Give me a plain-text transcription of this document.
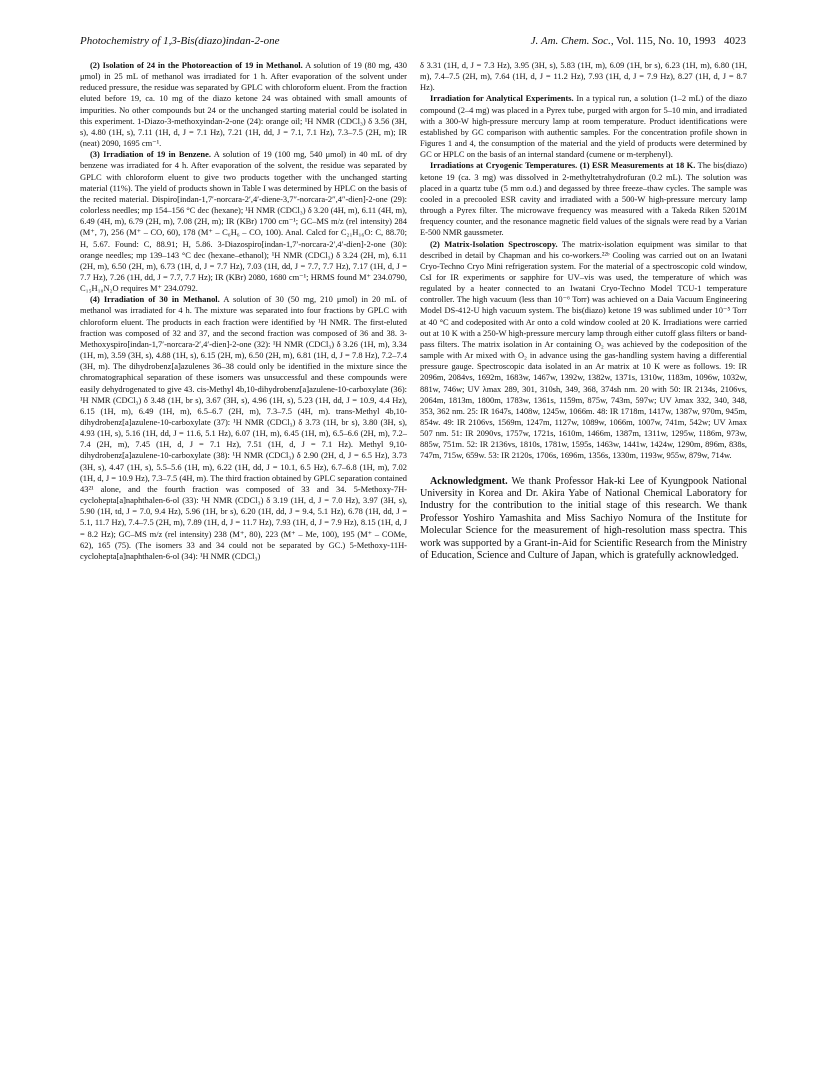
Photochemistry of 1,3-Bis(diazo)indan-2-one	J. Am. Chem. Soc., Vol. 115, No. 10, 1993 4023

(2) Isolation of 24 in the Photoreaction of 19 in Methanol. A solution of 19 (80 mg, 430 μmol) in 25 mL of methanol was irradiated for 1 h. After evaporation of the solvent under reduced pressure, the residue was separated by GPLC with chloroform eluent. From the fraction eluted before 19, ca. 10 mg of the diazo ketone 24 was obtained with small amounts of impurities. No other compounds but 24 or the unchanged starting material could be isolated in this experiment. 1-Diazo-3-methoxyindan-2-one (24): orange oil; ¹H NMR (CDCl₃) δ 3.56 (3H, s), 4.80 (1H, s), 7.11 (1H, d, J = 7.1 Hz), 7.21 (1H, dd, J = 7.1, 7.1 Hz), 7.3–7.5 (2H, m); IR (neat) 2090, 1695 cm⁻¹.

(3) Irradiation of 19 in Benzene. A solution of 19 (100 mg, 540 μmol) in 40 mL of dry benzene was irradiated for 4 h. After evaporation of the solvent, the residue was separated by GPLC with chloroform eluent to give two products together with the unchanged starting material (11%). The yield of products shown in Table I was determined by HPLC on the basis of the recited material. Dispiro[indan-1,7′-norcara-2′,4′-diene-3,7″-norcara-2″,4″-dien]-2-one (29): colorless needles; mp 154–156 °C dec (hexane); ¹H NMR (CDCl₃) δ 3.20 (4H, m), 6.11 (4H, m), 6.49 (4H, m), 6.79 (2H, m), 7.08 (2H, m); IR (KBr) 1700 cm⁻¹; GC–MS m/z (rel intensity) 284 (M⁺, 7), 256 (M⁺ – CO, 60), 178 (M⁺ – C₆H₆ – CO, 100). Anal. Calcd for C₂₁H₁₆O: C, 88.70; H, 5.67. Found: C, 88.91; H, 5.86. 3-Diazospiro[indan-1,7′-norcara-2′,4′-dien]-2-one (30): orange needles; mp 139–143 °C dec (hexane–ethanol); ¹H NMR (CDCl₃) δ 3.24 (2H, m), 6.11 (2H, m), 6.50 (2H, m), 6.73 (1H, d, J = 7.7 Hz), 7.03 (1H, dd, J = 7.7, 7.7 Hz), 7.17 (1H, d, J = 7.7 Hz), 7.26 (1H, dd, J = 7.7, 7.7 Hz); IR (KBr) 2080, 1680 cm⁻¹; HRMS found M⁺ 234.0790, C₁₅H₁₀N₂O requires M⁺ 234.0792.

(4) Irradiation of 30 in Methanol. A solution of 30 (50 mg, 210 μmol) in 20 mL of methanol was irradiated for 4 h. The mixture was separated into four fractions by GPLC with chloroform eluent. The products in each fraction were identified by ¹H NMR. The first-eluted fraction was composed of 32 and 37, and the second fraction was composed of 36 and 38. 3-Methoxyspiro[indan-1,7′-norcara-2′,4′-dien]-2-one (32): ¹H NMR (CDCl₃) δ 3.26 (1H, m), 3.34 (1H, m), 3.59 (3H, s), 4.88 (1H, s), 6.15 (2H, m), 6.50 (2H, m), 6.81 (1H, d, J = 7.8 Hz), 7.2–7.4 (3H, m). The dihydrobenz[a]azulenes 36–38 could only be identified in the mixture since the chromatographical separation of these isomers was unsuccessful and these compounds were easily dehydrogenated to give 43. cis-Methyl 4b,10-dihydrobenz[a]azulene-10-carboxylate (36): ¹H NMR (CDCl₃) δ 3.48 (1H, br s), 3.67 (3H, s), 4.96 (1H, s), 5.23 (1H, dd, J = 10.9, 4.4 Hz), 6.15 (1H, m), 6.49 (1H, m), 6.5–6.7 (2H, m), 7.3–7.5 (4H, m). trans-Methyl 4b,10-dihydrobenz[a]azulene-10-carboxylate (37): ¹H NMR (CDCl₃) δ 3.73 (1H, br s), 3.80 (3H, s), 4.93 (1H, s), 5.16 (1H, dd, J = 11.6, 5.1 Hz), 6.07 (1H, m), 6.45 (1H, m), 6.5–6.6 (2H, m), 7.2–7.4 (2H, m), 7.45 (1H, d, J = 7.1 Hz), 7.51 (1H, d, J = 7.1 Hz). Methyl 9,10-dihydrobenz[a]azulene-10-carboxylate (38): ¹H NMR (CDCl₃) δ 2.90 (2H, d, J = 6.5 Hz), 3.73 (3H, s), 4.47 (1H, s), 5.5–5.6 (1H, m), 6.22 (1H, dd, J = 10.1, 6.5 Hz), 6.7–6.8 (1H, m), 7.02 (1H, d, J = 10.9 Hz), 7.3–7.5 (4H, m). The third fraction obtained by GPLC separation contained 43²¹ alone, and the fourth fraction was composed of 33 and 34. 5-Methoxy-7H-cyclohepta[a]naphthalen-6-ol (33): ¹H NMR (CDCl₃) δ 3.19 (1H, d, J = 7.0 Hz), 3.97 (3H, s), 5.90 (1H, td, J = 7.0, 9.4 Hz), 5.96 (1H, br s), 6.20 (1H, dd, J = 9.4, 5.1 Hz), 6.78 (1H, dd, J = 5.1, 11.7 Hz), 7.4–7.5 (2H, m), 7.89 (1H, d, J = 11.7 Hz), 7.93 (1H, d, J = 7.9 Hz), 8.15 (1H, d, J = 8.2 Hz); GC–MS m/z (rel intensity) 238 (M⁺, 80), 223 (M⁺ – Me, 100), 195 (M⁺ – COMe, 62), 165 (75). (The isomers 33 and 34 could not be separated by GC.) 5-Methoxy-11H-cyclohepta[a]naphthalen-6-ol (34): ¹H NMR (CDCl₃)

δ 3.31 (1H, d, J = 7.3 Hz), 3.95 (3H, s), 5.83 (1H, m), 6.09 (1H, br s), 6.23 (1H, m), 6.80 (1H, m), 7.4–7.5 (2H, m), 7.64 (1H, d, J = 11.2 Hz), 7.93 (1H, d, J = 7.9 Hz), 8.27 (1H, d, J = 8.7 Hz).

Irradiation for Analytical Experiments. In a typical run, a solution (1–2 mL) of the diazo compound (2–4 mg) was placed in a Pyrex tube, purged with argon for 5–10 min, and irradiated with a 300-W high-pressure mercury lamp at room temperature. Product identifications were established by GC comparison with authentic samples. For the concentration profile shown in Figures 1 and 4, the consumption of the material and the yield of products were determined by GC or HPLC on the basis of an internal standard (cumene or m-terphenyl).

Irradiations at Cryogenic Temperatures. (1) ESR Measurements at 18 K. The bis(diazo) ketone 19 (ca. 3 mg) was dissolved in 2-methyltetrahydrofuran (0.2 mL). The solution was placed in a quartz tube (5 mm o.d.) and degassed by three freeze–thaw cycles. The sample was cooled in a precooled ESR cavity and irradiated with a 500-W high-pressure mercury lamp through a Pyrex filter. The microwave frequency was measured with a Takeda Riken 5201M frequency counter, and the resonance magnetic field values of the signals were read by a Varian E-500 NMR gaussmeter.

(2) Matrix-Isolation Spectroscopy. The matrix-isolation equipment was similar to that described in detail by Chapman and his co-workers.²²ᵇ Cooling was carried out on an Iwatani Cryo-Techno Cryo Mini refrigeration system. For the material of a spectroscopic cold window, CsI for IR experiments or sapphire for UV–vis was used, the temperature of which was regulated by a heater connected to an Iwatani Cryo-Techno Model TCU-1 temperature controller. The high vacuum (less than 10⁻⁶ Torr) was achieved on a Daia Vacuum Engineering Model DS-412-U high vacuum system. The bis(diazo) ketone 19 was sublimed under 10⁻⁵ Torr at 40 °C and codeposited with Ar onto a cold window cooled at 20 K. Irradiations were carried out at 10 K with a 250-W high-pressure mercury lamp through either cutoff glass filters or band-pass filters. The matrix isolation in Ar containing O₂ was achieved by the codeposition of the sample with Ar mixed with O₂ in advance using the gas-handling system having a differential pressure gauge. Spectroscopic data isolated in an Ar matrix at 10 K were as follows. 19: IR 2096m, 2084vs, 1692m, 1683w, 1467w, 1392w, 1382w, 1371s, 1310w, 1183m, 1096w, 1032w, 881w, 746w; UV λmax 289, 301, 310sh, 349, 368, 374sh nm. 20 with 50: IR 2134s, 2106vs, 2064m, 1813m, 1800m, 1783w, 1361s, 1159m, 875w, 743m, 597w; UV λmax 332, 340, 348, 353, 362 nm. 25: IR 1647s, 1408w, 1245w, 1066m. 48: IR 1718m, 1417w, 1387w, 970m, 945m, 854w. 49: IR 2106vs, 1569m, 1247m, 1127w, 1089w, 1066m, 1007w, 741m, 542w; UV λmax 507 nm. 51: IR 2090vs, 1757w, 1721s, 1610m, 1466m, 1387m, 1311w, 1295w, 1186m, 973w, 885w, 751m. 52: IR 2136vs, 1810s, 1781w, 1595s, 1463w, 1441w, 1424w, 1290m, 896m, 838s, 747m, 715w, 659w. 53: IR 2120s, 1706s, 1696m, 1356s, 1330m, 1193w, 955w, 879w, 714w.

Acknowledgment. We thank Professor Hak-ki Lee of Kyungpook National University in Korea and Dr. Akira Yabe of National Chemical Laboratory for Industry for the contribution to the initial stage of this research. We thank Professor Yoshiro Yamashita and Miss Sachiyo Nomura of the Institute for Molecular Science for the measurement of high-resolution mass spectra. This work was supported by a Grant-in-Aid for Scientific Research from the Ministry of Education, Science and Culture of Japan, which is gratefully acknowledged.
